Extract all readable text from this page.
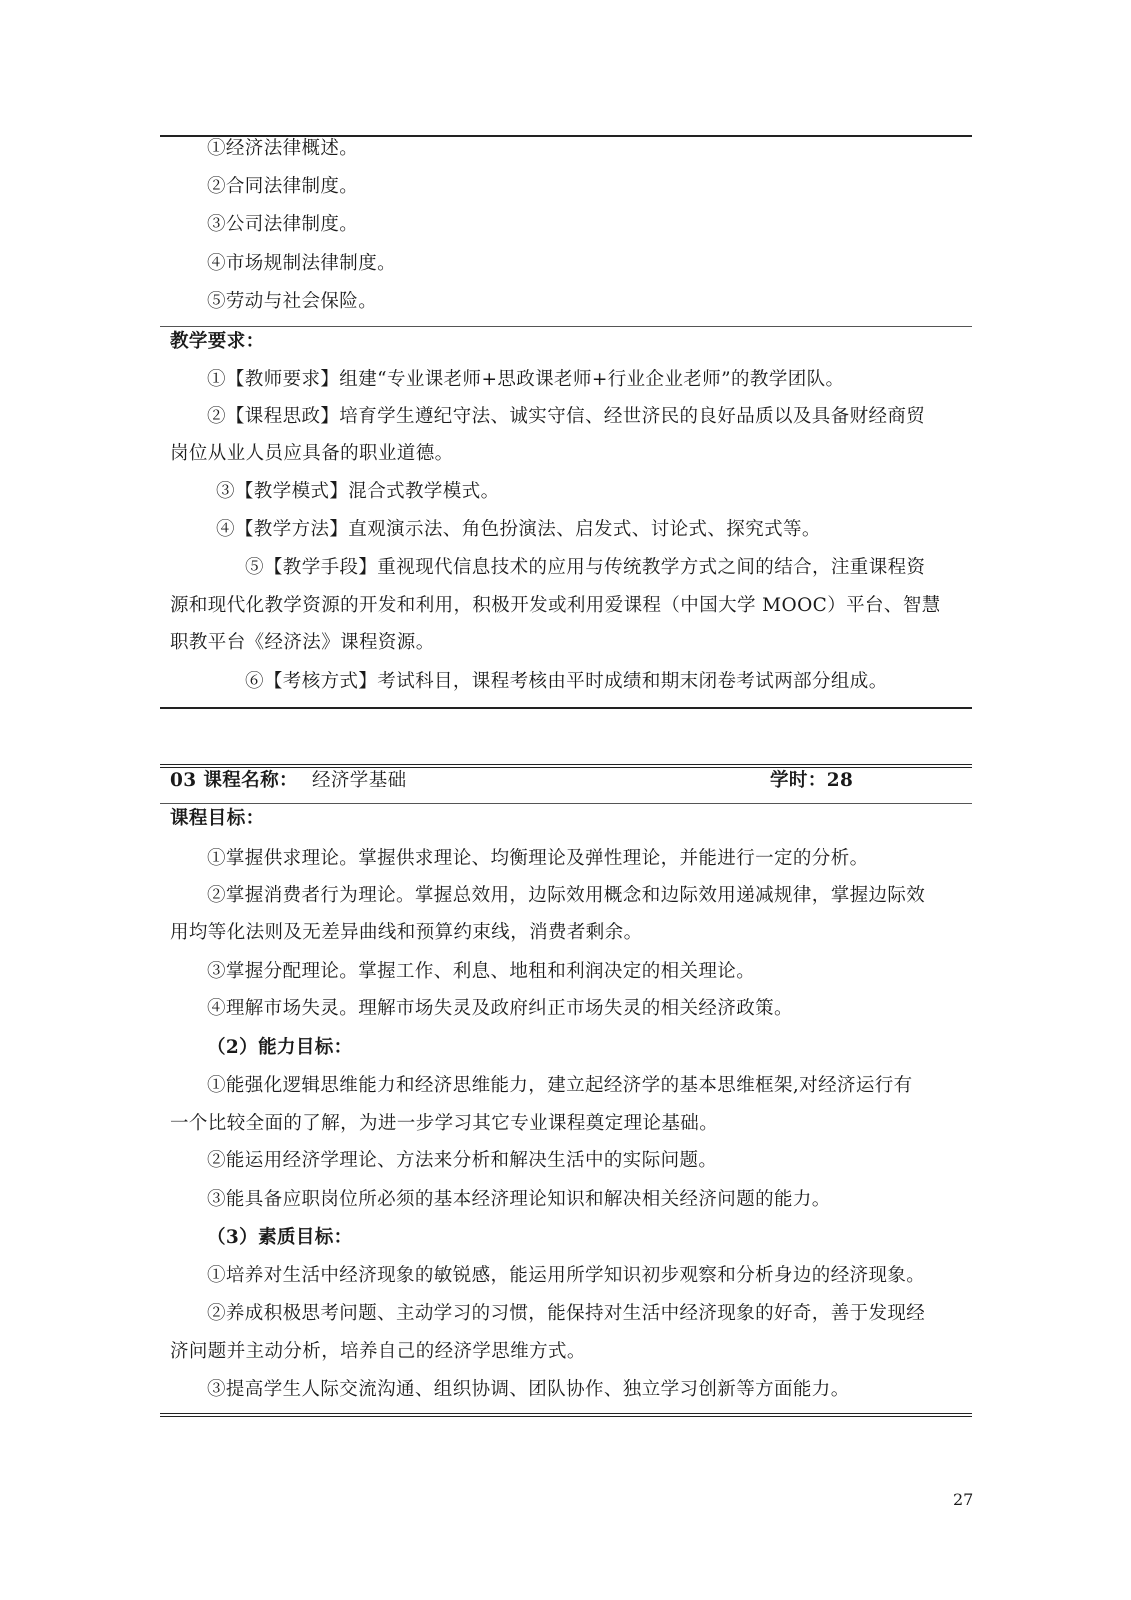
①经济法律概述。
②合同法律制度。
③公司法律制度。
④市场规制法律制度。
⑤劳动与社会保险。
教学要求：
①【教师要求】组建“专业课老师+思政课老师+行业企业老师”的教学团队。
②【课程思政】培育学生遵纪守法、诚实守信、经世济民的良好品质以及具备财经商贸
岗位从业人员应具备的职业道德。
③【教学模式】混合式教学模式。
④【教学方法】直观演示法、角色扮演法、启发式、讨论式、探究式等。
⑤【教学手段】重视现代信息技术的应用与传统教学方式之间的结合，注重课程资
源和现代化教学资源的开发和利用，积极开发或利用爱课程（中国大学 MOOC）平台、智慧
职教平台《经济法》课程资源。
⑥【考核方式】考试科目，课程考核由平时成绩和期末闭卷考试两部分组成。
03 课程名称： 经济学基础	学时：28
课程目标：
①掌握供求理论。掌握供求理论、均衡理论及弹性理论，并能进行一定的分析。
②掌握消费者行为理论。掌握总效用，边际效用概念和边际效用递减规律，掌握边际效
用均等化法则及无差异曲线和预算约束线，消费者剩余。
③掌握分配理论。掌握工作、利息、地租和利润决定的相关理论。
④理解市场失灵。理解市场失灵及政府纠正市场失灵的相关经济政策。
（2）能力目标：
①能强化逻辑思维能力和经济思维能力，建立起经济学的基本思维框架,对经济运行有
一个比较全面的了解，为进一步学习其它专业课程奠定理论基础。
②能运用经济学理论、方法来分析和解决生活中的实际问题。
③能具备应职岗位所必须的基本经济理论知识和解决相关经济问题的能力。
（3）素质目标：
①培养对生活中经济现象的敏锐感，能运用所学知识初步观察和分析身边的经济现象。
②养成积极思考问题、主动学习的习惯，能保持对生活中经济现象的好奇，善于发现经
济问题并主动分析，培养自己的经济学思维方式。
③提高学生人际交流沟通、组织协调、团队协作、独立学习创新等方面能力。
27
